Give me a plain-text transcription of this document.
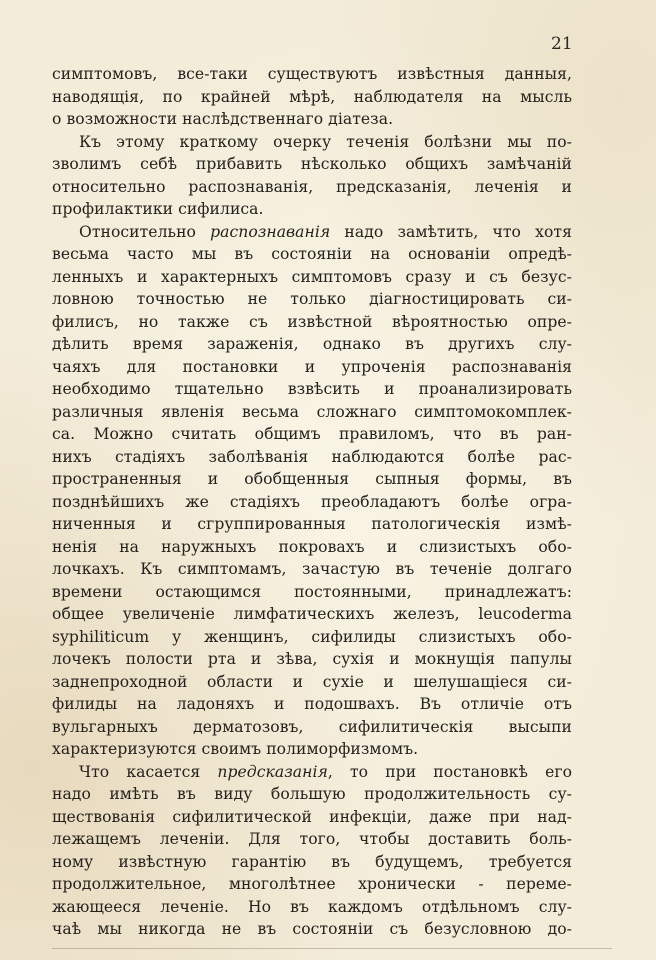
21
симптомовъ, все-таки существуютъ извѣстныя данныя,
наводящія, по крайней мѣрѣ, наблюдателя на мысль
о возможности наслѣдственнаго діатеза.
Къ этому краткому очерку теченія болѣзни мы по-
зволимъ себѣ прибавить нѣсколько общихъ замѣчаній
относительно распознаванія, предсказанія, леченія и
профилактики сифилиса.
Относительно распознаванія надо замѣтить, что хотя
весьма часто мы въ состояніи на основаніи опредѣ-
ленныхъ и характерныхъ симптомовъ сразу и съ безус-
ловною точностью не только діагностицировать си-
филисъ, но также съ извѣстной вѣроятностью опре-
дѣлить время зараженія, однако въ другихъ слу-
чаяхъ для постановки и упроченія распознаванія
необходимо тщательно взвѣсить и проанализировать
различныя явленія весьма сложнаго симптомокомплек-
са. Можно считать общимъ правиломъ, что въ ран-
нихъ стадіяхъ заболѣванія наблюдаются болѣе рас-
пространенныя и обобщенныя сыпныя формы, въ
позднѣйшихъ же стадіяхъ преобладаютъ болѣе огра-
ниченныя и сгруппированныя патологическія измѣ-
ненія на наружныхъ покровахъ и слизистыхъ обо-
лочкахъ. Къ симптомамъ, зачастую въ теченіе долгаго
времени остающимся постоянными, принадлежатъ:
общее увеличеніе лимфатическихъ железъ, leucoderma
syphiliticum у женщинъ, сифилиды слизистыхъ обо-
лочекъ полости рта и зѣва, сухія и мокнущія папулы
заднепроходной области и сухіе и шелушащіеся си-
филиды на ладоняхъ и подошвахъ. Въ отличіе отъ
вульгарныхъ дерматозовъ, сифилитическія высыпи
характеризуются своимъ полиморфизмомъ.
Что касается предсказанія, то при постановкѣ его
надо имѣть въ виду большую продолжительность су-
ществованія сифилитической инфекціи, даже при над-
лежащемъ леченіи. Для того, чтобы доставить боль-
ному извѣстную гарантію въ будущемъ, требуется
продолжительное, многолѣтнее хронически - переме-
жающееся леченіе. Но въ каждомъ отдѣльномъ слу-
чаѣ мы никогда не въ состояніи съ безусловною до-
